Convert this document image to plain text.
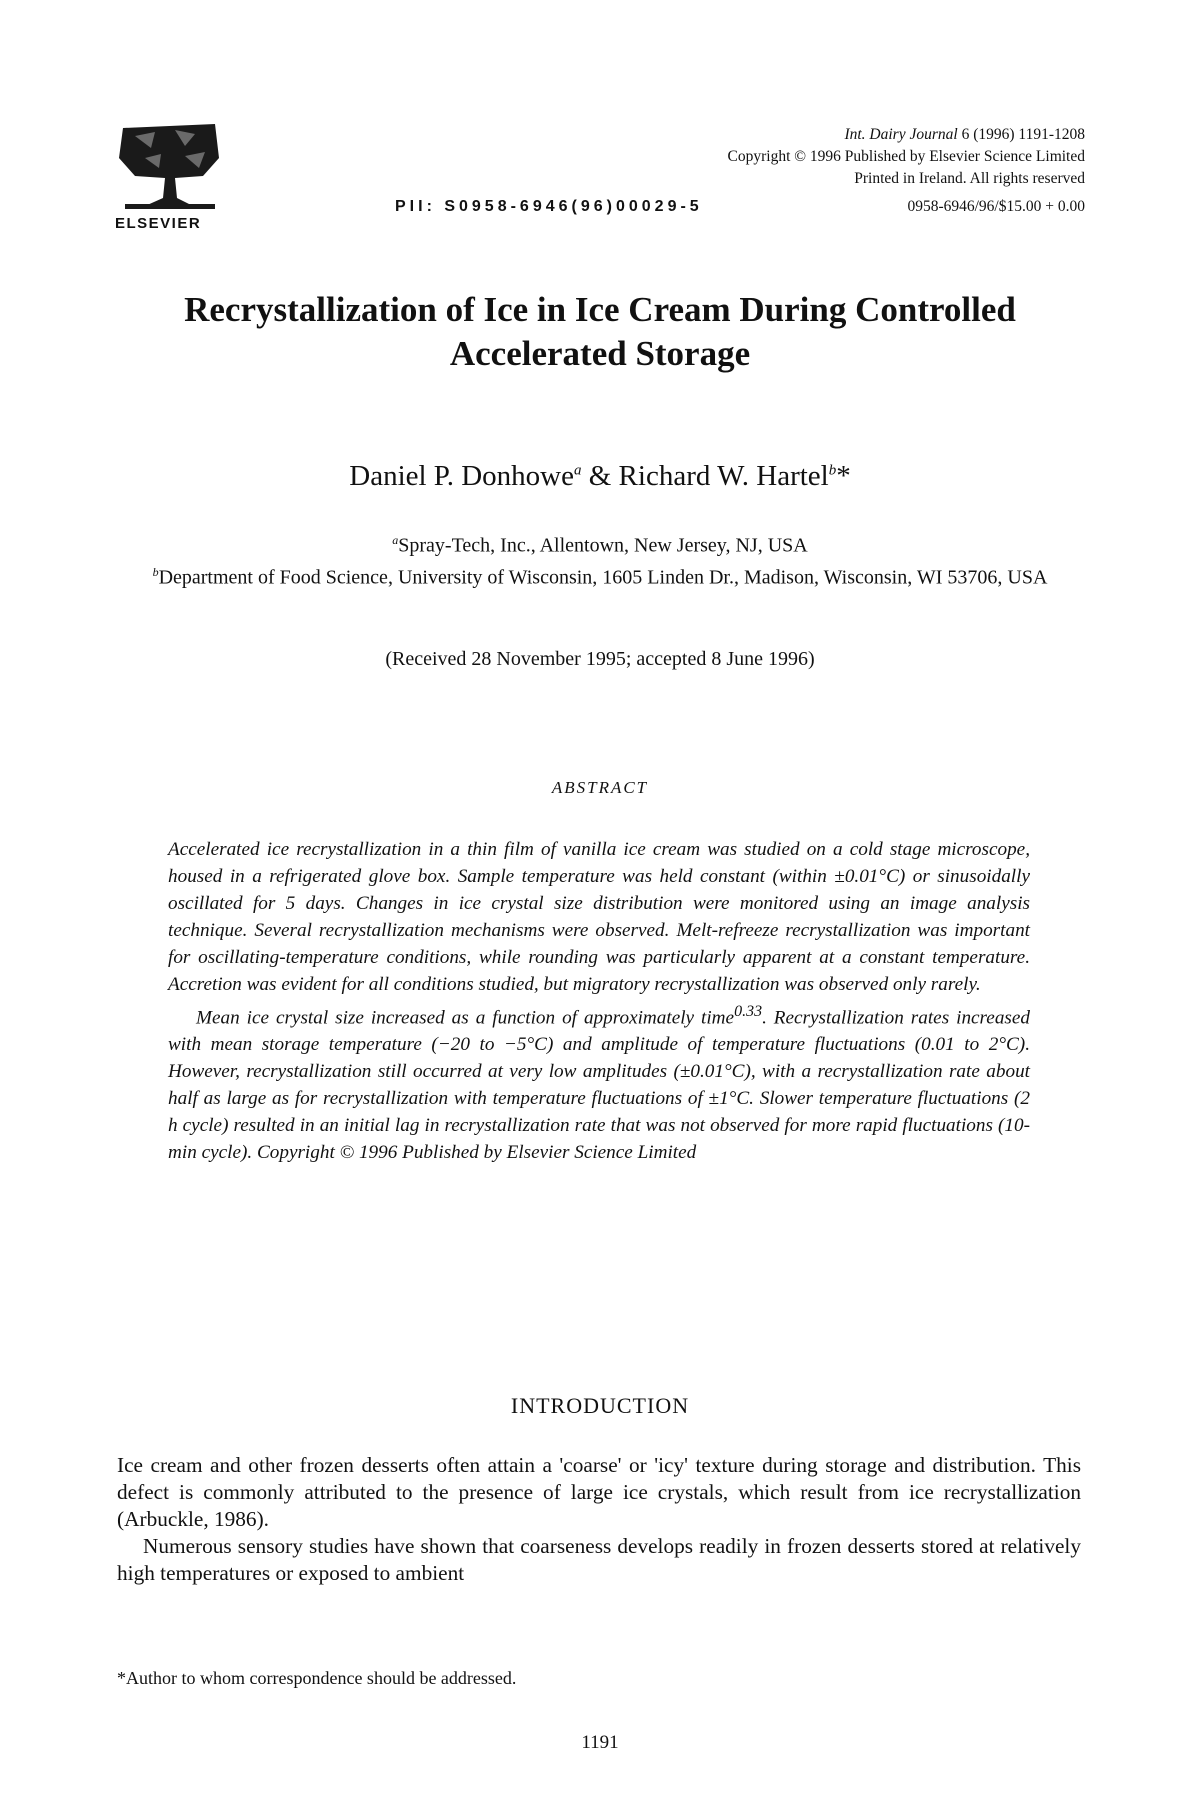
ELSEVIER
Int. Dairy Journal 6 (1996) 1191-1208
Copyright © 1996 Published by Elsevier Science Limited
Printed in Ireland. All rights reserved
PII: S0958-6946(96)00029-5	0958-6946/96/$15.00 + 0.00
Recrystallization of Ice in Ice Cream During Controlled Accelerated Storage
Daniel P. Donhowe$^a$ & Richard W. Hartel$^b$*
$^a$Spray-Tech, Inc., Allentown, New Jersey, NJ, USA
$^b$Department of Food Science, University of Wisconsin, 1605 Linden Dr., Madison, Wisconsin, WI 53706, USA
(Received 28 November 1995; accepted 8 June 1996)
ABSTRACT

Accelerated ice recrystallization in a thin film of vanilla ice cream was studied on a cold stage microscope, housed in a refrigerated glove box. Sample temperature was held constant (within ±0.01°C) or sinusoidally oscillated for 5 days. Changes in ice crystal size distribution were monitored using an image analysis technique. Several recrystallization mechanisms were observed. Melt-refreeze recrystallization was important for oscillating-temperature conditions, while rounding was particularly apparent at a constant temperature. Accretion was evident for all conditions studied, but migratory recrystallization was observed only rarely.

Mean ice crystal size increased as a function of approximately time$^{0.33}$. Recrystallization rates increased with mean storage temperature (−20 to −5°C) and amplitude of temperature fluctuations (0.01 to 2°C). However, recrystallization still occurred at very low amplitudes (±0.01°C), with a recrystallization rate about half as large as for recrystallization with temperature fluctuations of ±1°C. Slower temperature fluctuations (2 h cycle) resulted in an initial lag in recrystallization rate that was not observed for more rapid fluctuations (10-min cycle). Copyright © 1996 Published by Elsevier Science Limited

INTRODUCTION

Ice cream and other frozen desserts often attain a 'coarse' or 'icy' texture during storage and distribution. This defect is commonly attributed to the presence of large ice crystals, which result from ice recrystallization (Arbuckle, 1986).

Numerous sensory studies have shown that coarseness develops readily in frozen desserts stored at relatively high temperatures or exposed to ambient

*Author to whom correspondence should be addressed.
1191
